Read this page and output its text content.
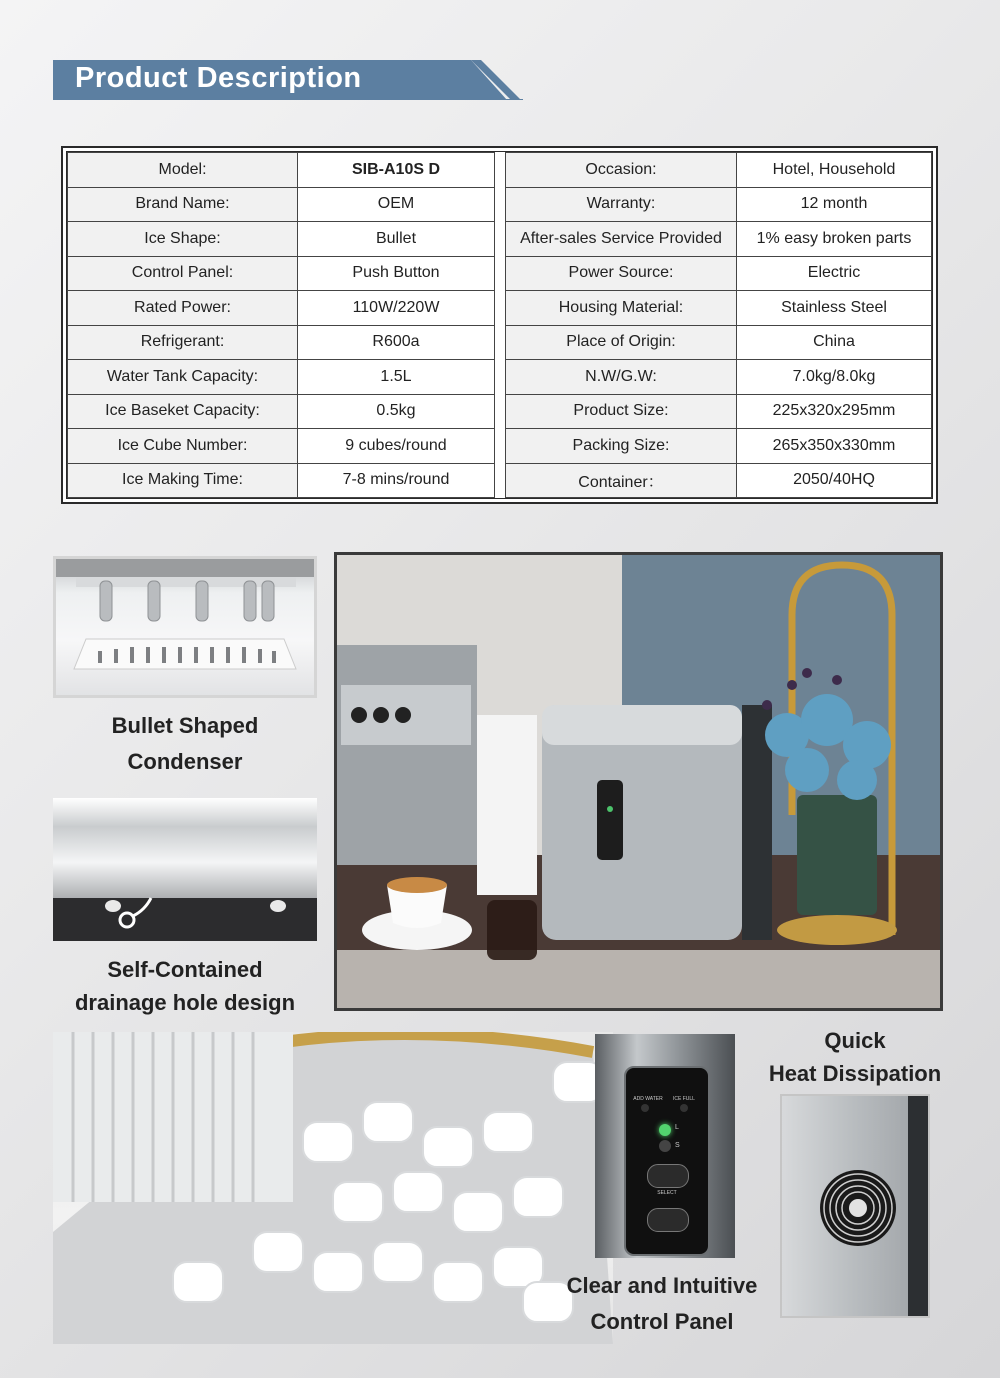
Product Description
Model:	SIB-A10S D
Brand Name:	OEM
Ice Shape:	Bullet
Control Panel:	Push Button
Rated Power:	110W/220W
Refrigerant:	R600a
Water Tank Capacity:	1.5L
Ice Baseket Capacity:	0.5kg
Ice Cube Number:	9 cubes/round
Ice Making Time:	7-8 mins/round
Occasion:	Hotel, Household
Warranty:	12 month
After-sales Service Provided	1% easy broken parts
Power Source:	Electric
Housing Material:	Stainless Steel
Place of Origin:	China
N.W/G.W:	7.0kg/8.0kg
Product Size:	225x320x295mm
Packing Size:	265x350x330mm
Container：	2050/40HQ
Bullet Shaped
Condenser
Self-Contained
drainage hole design
ADD WATER	ICE FULL
L
S
SELECT
Clear and Intuitive
Control Panel
Quick
Heat Dissipation
